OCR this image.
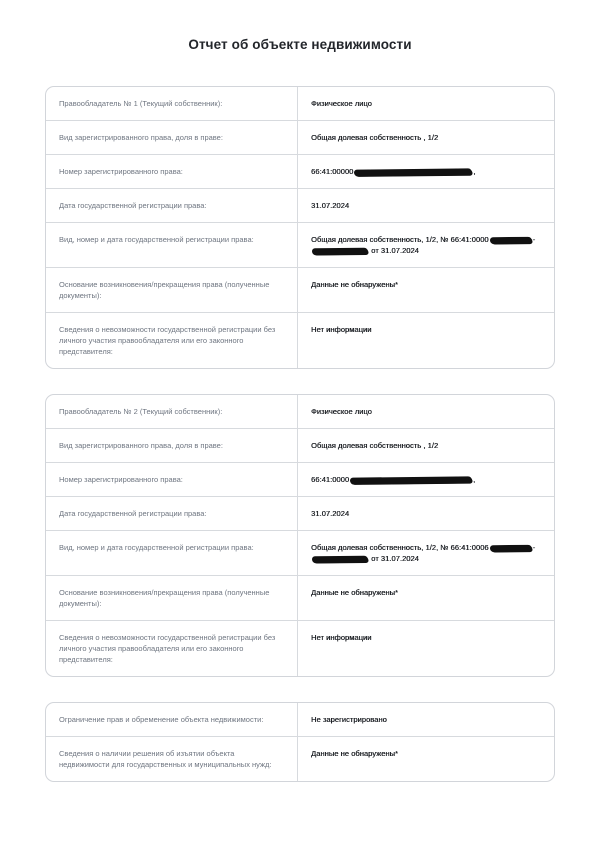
Отчет об объекте недвижимости
Правообладатель № 1 (Текущий собственник):	Физическое лицо
Вид зарегистрированного права, доля в праве:	Общая долевая собственность , 1/2
Номер зарегистрированного права:	66:41:00000	,
Дата государственной регистрации права:	31.07.2024
Вид, номер и дата государственной регистрации права:	Общая долевая собственность, 1/2, № 66:41:0000	-
от 31.07.2024
Основание возникновения/прекращения права (полученные документы):
Данные не обнаружены*
Сведения о невозможности государственной регистрации без личного участия правообладателя или его законного представителя:
Нет информации
Правообладатель № 2 (Текущий собственник):	Физическое лицо
Вид зарегистрированного права, доля в праве:	Общая долевая собственность , 1/2
Номер зарегистрированного права:	66:41:0000	,
Дата государственной регистрации права:	31.07.2024
Вид, номер и дата государственной регистрации права:	Общая долевая собственность, 1/2, № 66:41:0006	-
от 31.07.2024
Основание возникновения/прекращения права (полученные документы):
Данные не обнаружены*
Сведения о невозможности государственной регистрации без личного участия правообладателя или его законного представителя:
Нет информации
Ограничение прав и обременение объекта недвижимости:	Не зарегистрировано
Сведения о наличии решения об изъятии объекта недвижимости для государственных и муниципальных нужд:
Данные не обнаружены*
